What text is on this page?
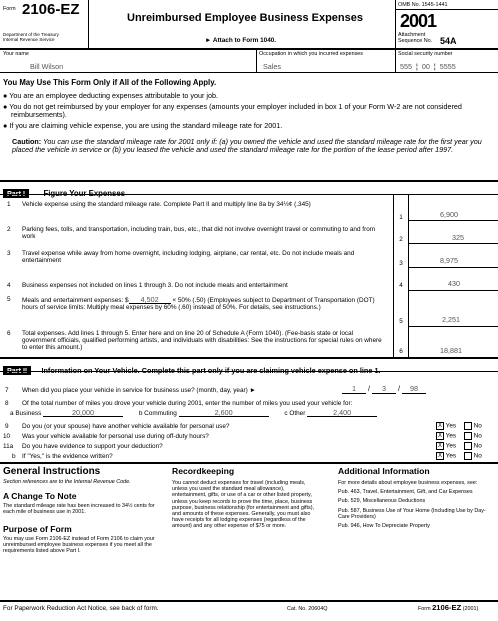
Form 2106-EZ
Department of the Treasury
Internal Revenue Service
Unreimbursed Employee Business Expenses
► Attach to Form 1040.
OMB No. 1545-1441
2001
Attachment
Sequence No. 54A
Your name
Bill Wilson
Occupation in which you incurred expenses
Sales
Social security number
555 ¦ 00 ¦ 5555
You May Use This Form Only if All of the Following Apply.
● You are an employee deducting expenses attributable to your job.
● You do not get reimbursed by your employer for any expenses (amounts your employer included in box 1 of your Form W-2 are not considered reimbursements).
● If you are claiming vehicle expense, you are using the standard mileage rate for 2001.
Caution: You can use the standard mileage rate for 2001 only if: (a) you owned the vehicle and used the standard mileage rate for the first year you placed the vehicle in service or (b) you leased the vehicle and used the standard mileage rate for the portion of the lease period after 1997.
1 Vehicle expense using the standard mileage rate. Complete Part II and multiply line 8a by 34½¢ (.345)
1	6,900
2 Parking fees, tolls, and transportation, including train, bus, etc., that did not involve overnight travel or commuting to and from work	2	325
3 Travel expense while away from home overnight, including lodging, airplane, car rental, etc. Do not include meals and entertainment	3	8,975
4 Business expenses not included on lines 1 through 3. Do not include meals and entertainment	4	430
5 Meals and entertainment expenses: $ 4,502 × 50% (.50) (Employees subject to Department of Transportation (DOT) hours of service limits: Multiply meal expenses by 60% (.60) instead of 50%. For details, see instructions.)
5	2,251
6 Total expenses. Add lines 1 through 5. Enter here and on line 20 of Schedule A (Form 1040). (Fee-basis state or local government officials, qualified performing artists, and individuals with disabilities: See the instructions for special rules on where to enter this amount.)
6	18,881
7 When did you place your vehicle in service for business use? (month, day, year) ►	1 / 3 / 98
8 Of the total number of miles you drove your vehicle during 2001, enter the number of miles you used your vehicle for:
a Business	20,000	b Commuting	2,600	c Other	2,400
9 Do you (or your spouse) have another vehicle available for personal use?	X Yes	No
10 Was your vehicle available for personal use during off-duty hours?	X Yes	No
11a Do you have evidence to support your deduction?	X Yes	No
b If "Yes," is the evidence written?	X Yes	No
General Instructions
Section references are to the Internal Revenue Code.
A Change To Note
The standard mileage rate has been increased to 34½ cents for each mile of business use in 2001.
Purpose of Form
You may use Form 2106-EZ instead of Form 2106 to claim your unreimbursed employee business expenses if you meet all the requirements listed above Part I.
Recordkeeping
You cannot deduct expenses for travel (including meals, unless you used the standard meal allowance), entertainment, gifts, or use of a car or other listed property, unless you keep records to prove the time, place, business purpose, business relationship (for entertainment and gifts), and amounts of these expenses. Generally, you must also have receipts for all lodging expenses (regardless of the amount) and any other expense of $75 or more.
Additional Information
For more details about employee business expenses, see:
Pub. 463, Travel, Entertainment, Gift, and Car Expenses
Pub. 529, Miscellaneous Deductions
Pub. 587, Business Use of Your Home (Including Use by Day-Care Providers)
Pub. 946, How To Depreciate Property
For Paperwork Reduction Act Notice, see back of form.	Cat. No. 20604Q	Form 2106-EZ (2001)
